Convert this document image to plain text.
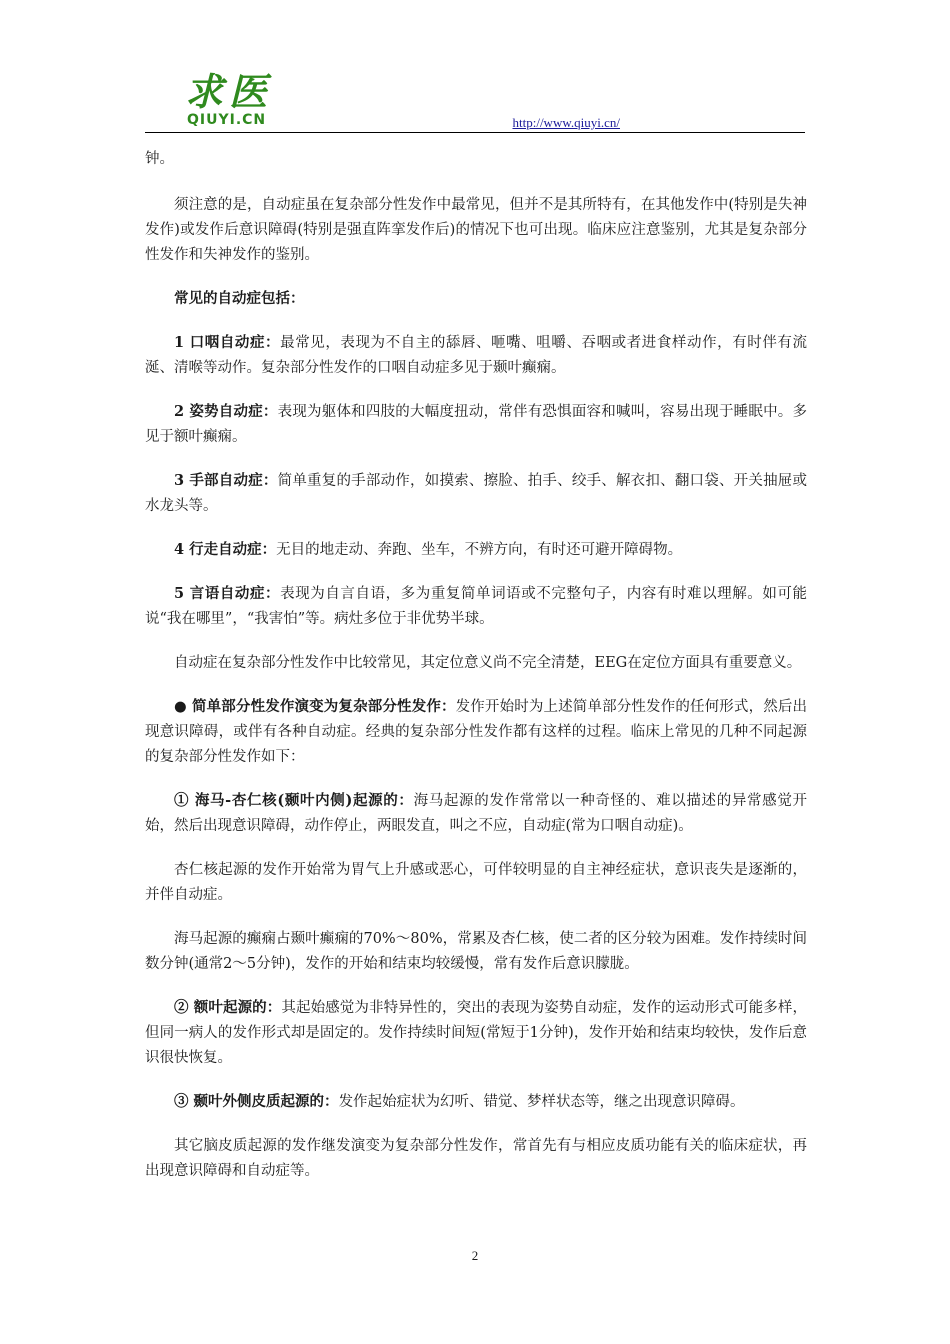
求医
QIUYI.CN	http://www.qiuyi.cn/

钟。

须注意的是，自动症虽在复杂部分性发作中最常见，但并不是其所特有，在其他发作中(特别是失神发作)或发作后意识障碍(特别是强直阵挛发作后)的情况下也可出现。临床应注意鉴别，尤其是复杂部分性发作和失神发作的鉴别。

常见的自动症包括：

1 口咽自动症：最常见，表现为不自主的舔唇、咂嘴、咀嚼、吞咽或者进食样动作，有时伴有流涎、清喉等动作。复杂部分性发作的口咽自动症多见于颞叶癫痫。

2 姿势自动症：表现为躯体和四肢的大幅度扭动，常伴有恐惧面容和喊叫，容易出现于睡眠中。多见于额叶癫痫。

3 手部自动症：简单重复的手部动作，如摸索、擦脸、拍手、绞手、解衣扣、翻口袋、开关抽屉或水龙头等。

4 行走自动症：无目的地走动、奔跑、坐车，不辨方向，有时还可避开障碍物。

5 言语自动症：表现为自言自语，多为重复简单词语或不完整句子，内容有时难以理解。如可能说“我在哪里”，“我害怕”等。病灶多位于非优势半球。

自动症在复杂部分性发作中比较常见，其定位意义尚不完全清楚，EEG在定位方面具有重要意义。

● 简单部分性发作演变为复杂部分性发作：发作开始时为上述简单部分性发作的任何形式，然后出现意识障碍，或伴有各种自动症。经典的复杂部分性发作都有这样的过程。临床上常见的几种不同起源的复杂部分性发作如下：

① 海马-杏仁核(颞叶内侧)起源的：海马起源的发作常常以一种奇怪的、难以描述的异常感觉开始，然后出现意识障碍，动作停止，两眼发直，叫之不应，自动症(常为口咽自动症)。

杏仁核起源的发作开始常为胃气上升感或恶心，可伴较明显的自主神经症状，意识丧失是逐渐的，并伴自动症。

海马起源的癫痫占颞叶癫痫的70%～80%，常累及杏仁核，使二者的区分较为困难。发作持续时间数分钟(通常2～5分钟)，发作的开始和结束均较缓慢，常有发作后意识朦胧。

② 额叶起源的：其起始感觉为非特异性的，突出的表现为姿势自动症，发作的运动形式可能多样，但同一病人的发作形式却是固定的。发作持续时间短(常短于1分钟)，发作开始和结束均较快，发作后意识很快恢复。

③ 颞叶外侧皮质起源的：发作起始症状为幻听、错觉、梦样状态等，继之出现意识障碍。

其它脑皮质起源的发作继发演变为复杂部分性发作，常首先有与相应皮质功能有关的临床症状，再出现意识障碍和自动症等。

2
